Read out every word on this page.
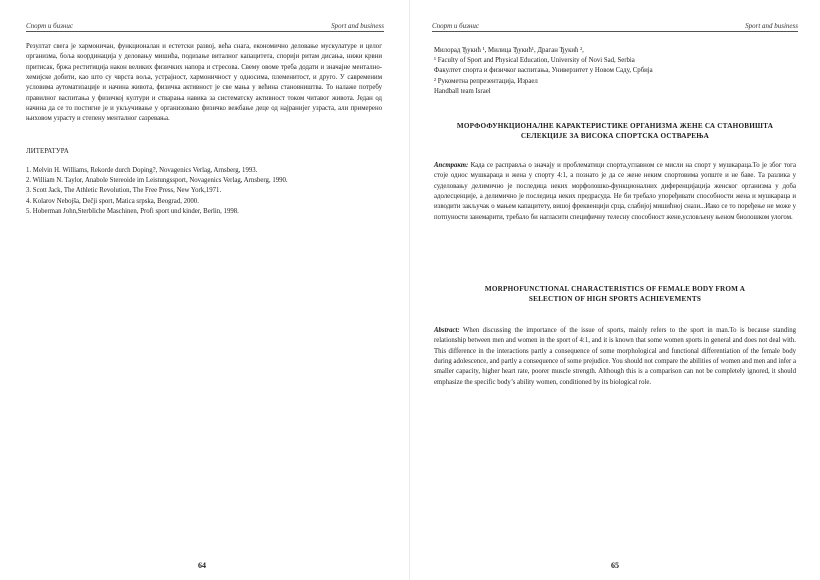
Спорт и бизнис	Sport and business

Резултат свега је хармоничан, функционалан и естетски развој, већа снага, економично деловање мускулатуре и целог организма, боља координација у деловању мишића, подизање виталног капацитета, спорији ритам дисања, нижи крвни притисак, бржа реститиција након великих физичких напора и стресова. Свему овоме треба додати и значајне ментално-хемијске добити, као што су чврста воља, устрајност, хармоничност у односима, племенитост, и друго. У савременим условима аутоматизације и начина живота, физичка активност је све мања у већина становништва. То налаже потребу правилног васпитања у физичкој култури и стварања навика за систематску активност током читавог живота. Један од начина да се то постигне је и укључивање у организовано физичко вежбање деце од најранијег узраста, али примерено њиховом узрасту и степену менталног сазревања.

ЛИТЕРАТУРА
1. Melvin H. Williams, Rekorde durch Doping?, Novagenics Verlag, Arnsberg, 1993.
2. William N. Taylor, Anabole Stereoide im Leistungssport, Novagenics Verlag, Arnsberg, 1990.
3. Scott Jack, The Athletic Revolution, The Free Press, New York,1971.
4. Kolarov Nebojša, Dečji sport, Matica srpska, Beograd, 2000.
5. Hoberman John,Sterbliche Maschinen, Profi sport und kinder, Berlin, 1998.
64
Спорт и бизнис	Sport and business
Милорад Ђукић ¹, Милица Ђукић¹, Драган Ђукић ²,
¹ Faculty of Sport and Physical Education, University of Novi Sad, Serbia
Факултет спорта и физичког васпитања, Универзитет у Новом Саду, Србија
² Рукометна репрезентација, Израел
Handball team Israel
МОРФОФУНКЦИОНАЛНЕ КАРАКТЕРИСТИКЕ ОРГАНИЗМА ЖЕНЕ СА СТАНОВИШТА
СЕЛЕКЦИЈЕ ЗА ВИСОКА СПОРТСКА ОСТВАРЕЊА
Апстракт: Када се расправља о значају и проблематици спорта,углавном се мисли на спорт у мушкараца.То је због тога стоје однос мушкараца и жена у спорту 4:1, а познато је да се жене неким спортовима уопште и не баве. Та разлика у суделовању делимично је последица неких морфолошко-функционалних диференцијација женског организма у доба адолесценције, а делимично је последица неких предрасуда. Не би требало упоређивати способности жена и мушкараца и изводити закључак о мањем капацитету, вишој фреквенцији срца, слабијој мишићној снази...Иако се то поређење не може у потпуности занемарити, требало би нагласити специфичну телесну способност жене,условљену њеном биолошком улогом.
MORPHOFUNCTIONAL CHARACTERISTICS OF FEMALE BODY FROM A
SELECTION OF HIGH SPORTS ACHIEVEMENTS
Abstract: When discussing the importance of the issue of sports, mainly refers to the sport in man.To is because standing relationship between men and women in the sport of 4:1, and it is known that some women sports in general and does not deal with. This difference in the interactions partly a consequence of some morphological and functional differentiation of the female body during adolescence, and partly a consequence of some prejudice. You should not compare the abilities of women and men and infer a smaller capacity, higher heart rate, poorer muscle strength. Although this is a comparison can not be completely ignored, it should emphasize the specific body’s ability women, conditioned by its biological role.
65
